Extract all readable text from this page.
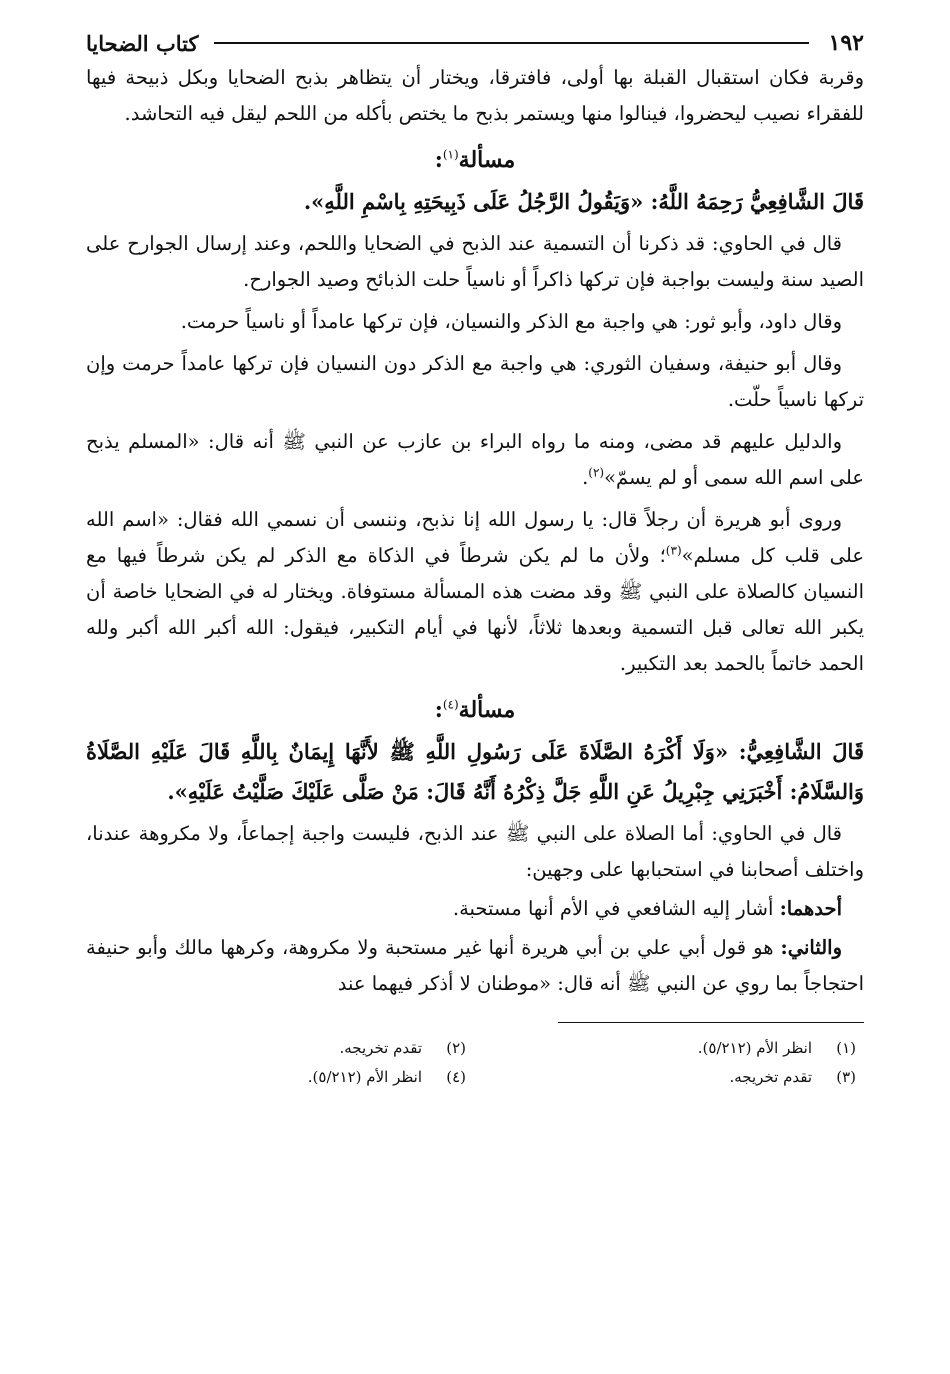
١٩٢
كتاب الضحايا

وقربة فكان استقبال القبلة بها أولى، فافترقا، ويختار أن يتظاهر بذبح الضحايا وبكل ذبيحة فيها للفقراء نصيب ليحضروا، فينالوا منها ويستمر بذبح ما يختص بأكله من اللحم ليقل فيه التحاشد.

مسألة$^{(١)}$:

قَالَ الشَّافِعِيُّ رَحِمَهُ اللَّهُ: «وَيَقُولُ الرَّجُلُ عَلَى ذَبِيحَتِهِ بِاسْمِ اللَّهِ».

قال في الحاوي: قد ذكرنا أن التسمية عند الذبح في الضحايا واللحم، وعند إرسال الجوارح على الصيد سنة وليست بواجبة فإن تركها ذاكراً أو ناسياً حلت الذبائح وصيد الجوارح.

وقال داود، وأبو ثور: هي واجبة مع الذكر والنسيان، فإن تركها عامداً أو ناسياً حرمت.

وقال أبو حنيفة، وسفيان الثوري: هي واجبة مع الذكر دون النسيان فإن تركها عامداً حرمت وإن تركها ناسياً حلّت.

والدليل عليهم قد مضى، ومنه ما رواه البراء بن عازب عن النبي ﷺ أنه قال: «المسلم يذبح على اسم الله سمى أو لم يسمّ»$^{(٢)}$.

وروى أبو هريرة أن رجلاً قال: يا رسول الله إنا نذبح، وننسى أن نسمي الله فقال: «اسم الله على قلب كل مسلم»$^{(٣)}$؛ ولأن ما لم يكن شرطاً في الذكاة مع الذكر لم يكن شرطاً فيها مع النسيان كالصلاة على النبي ﷺ وقد مضت هذه المسألة مستوفاة. ويختار له في الضحايا خاصة أن يكبر الله تعالى قبل التسمية وبعدها ثلاثاً، لأنها في أيام التكبير، فيقول: الله أكبر الله أكبر ولله الحمد خاتماً بالحمد بعد التكبير.

مسألة$^{(٤)}$:

قَالَ الشَّافِعِيُّ: «وَلَا أَكْرَهُ الصَّلَاةَ عَلَى رَسُولِ اللَّهِ ﷺ لأَنَّهَا إِيمَانٌ بِاللَّهِ قَالَ عَلَيْهِ الصَّلَاةُ وَالسَّلَامُ: أَخْبَرَنِي جِبْرِيلُ عَنِ اللَّهِ جَلَّ ذِكْرُهُ أَنَّهُ قَالَ: مَنْ صَلَّى عَلَيْكَ صَلَّيْتُ عَلَيْهِ».

قال في الحاوي: أما الصلاة على النبي ﷺ عند الذبح، فليست واجبة إجماعاً، ولا مكروهة عندنا، واختلف أصحابنا في استحبابها على وجهين:

أحدهما: أشار إليه الشافعي في الأم أنها مستحبة.

والثاني: هو قول أبي علي بن أبي هريرة أنها غير مستحبة ولا مكروهة، وكرهها مالك وأبو حنيفة احتجاجاً بما روي عن النبي ﷺ أنه قال: «موطنان لا أذكر فيهما عند

(١)
انظر الأم (٥/٢١٢).
(٢)
تقدم تخريجه.
(٣)
تقدم تخريجه.
(٤)
انظر الأم (٥/٢١٢).
